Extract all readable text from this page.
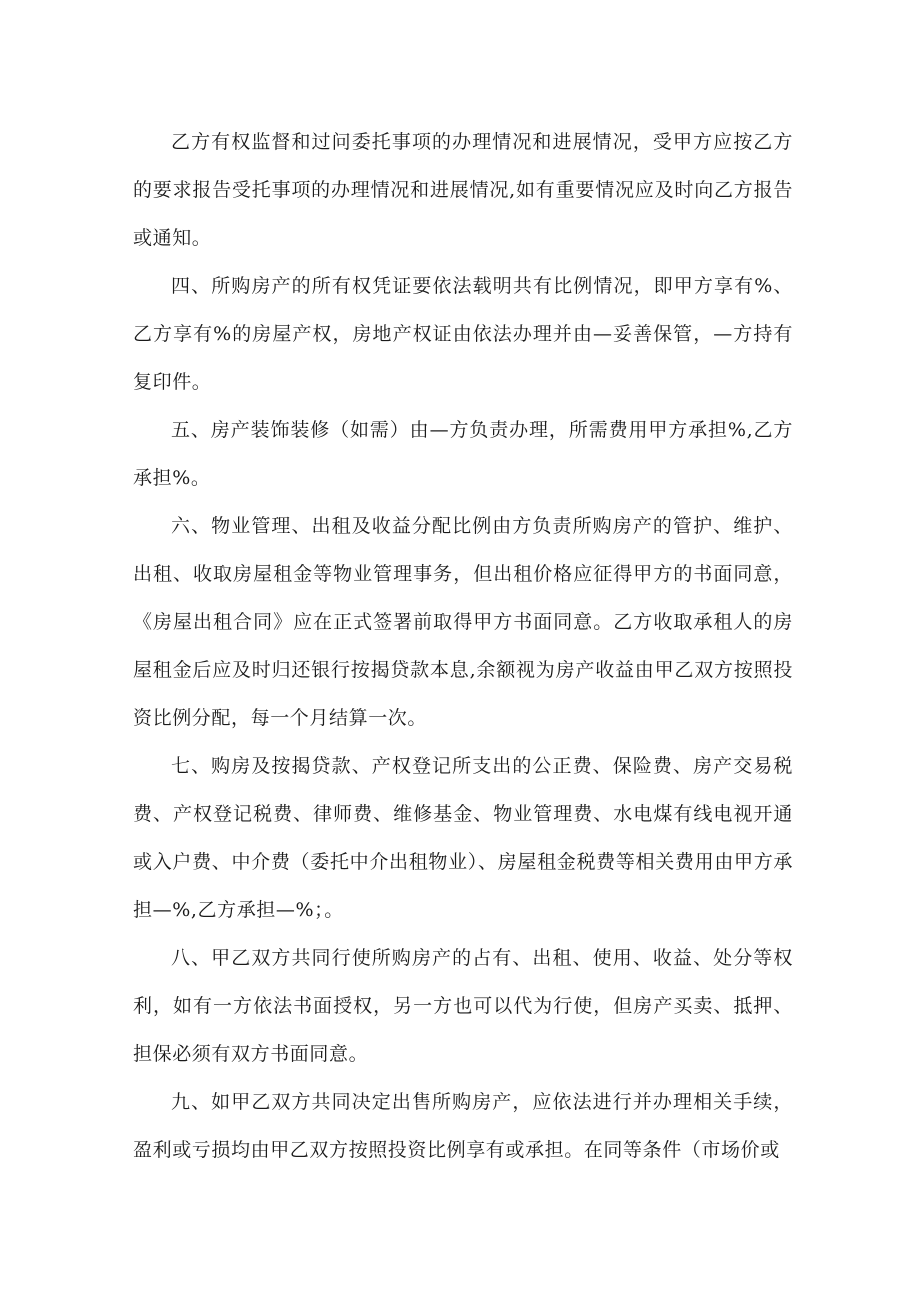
乙方有权监督和过问委托事项的办理情况和进展情况，受甲方应按乙方的要求报告受托事项的办理情况和进展情况,如有重要情况应及时向乙方报告或通知。

四、所购房产的所有权凭证要依法载明共有比例情况，即甲方享有%、乙方享有%的房屋产权，房地产权证由依法办理并由—妥善保管，—方持有复印件。

五、房产装饰装修（如需）由—方负责办理，所需费用甲方承担%,乙方承担%。

六、物业管理、出租及收益分配比例由方负责所购房产的管护、维护、出租、收取房屋租金等物业管理事务，但出租价格应征得甲方的书面同意，《房屋出租合同》应在正式签署前取得甲方书面同意。乙方收取承租人的房屋租金后应及时归还银行按揭贷款本息,余额视为房产收益由甲乙双方按照投资比例分配，每一个月结算一次。

七、购房及按揭贷款、产权登记所支出的公正费、保险费、房产交易税费、产权登记税费、律师费、维修基金、物业管理费、水电煤有线电视开通或入户费、中介费（委托中介出租物业）、房屋租金税费等相关费用由甲方承担—%,乙方承担—%；。

八、甲乙双方共同行使所购房产的占有、出租、使用、收益、处分等权利，如有一方依法书面授权，另一方也可以代为行使，但房产买卖、抵押、担保必须有双方书面同意。

九、如甲乙双方共同决定出售所购房产，应依法进行并办理相关手续，盈利或亏损均由甲乙双方按照投资比例享有或承担。在同等条件（市场价或
